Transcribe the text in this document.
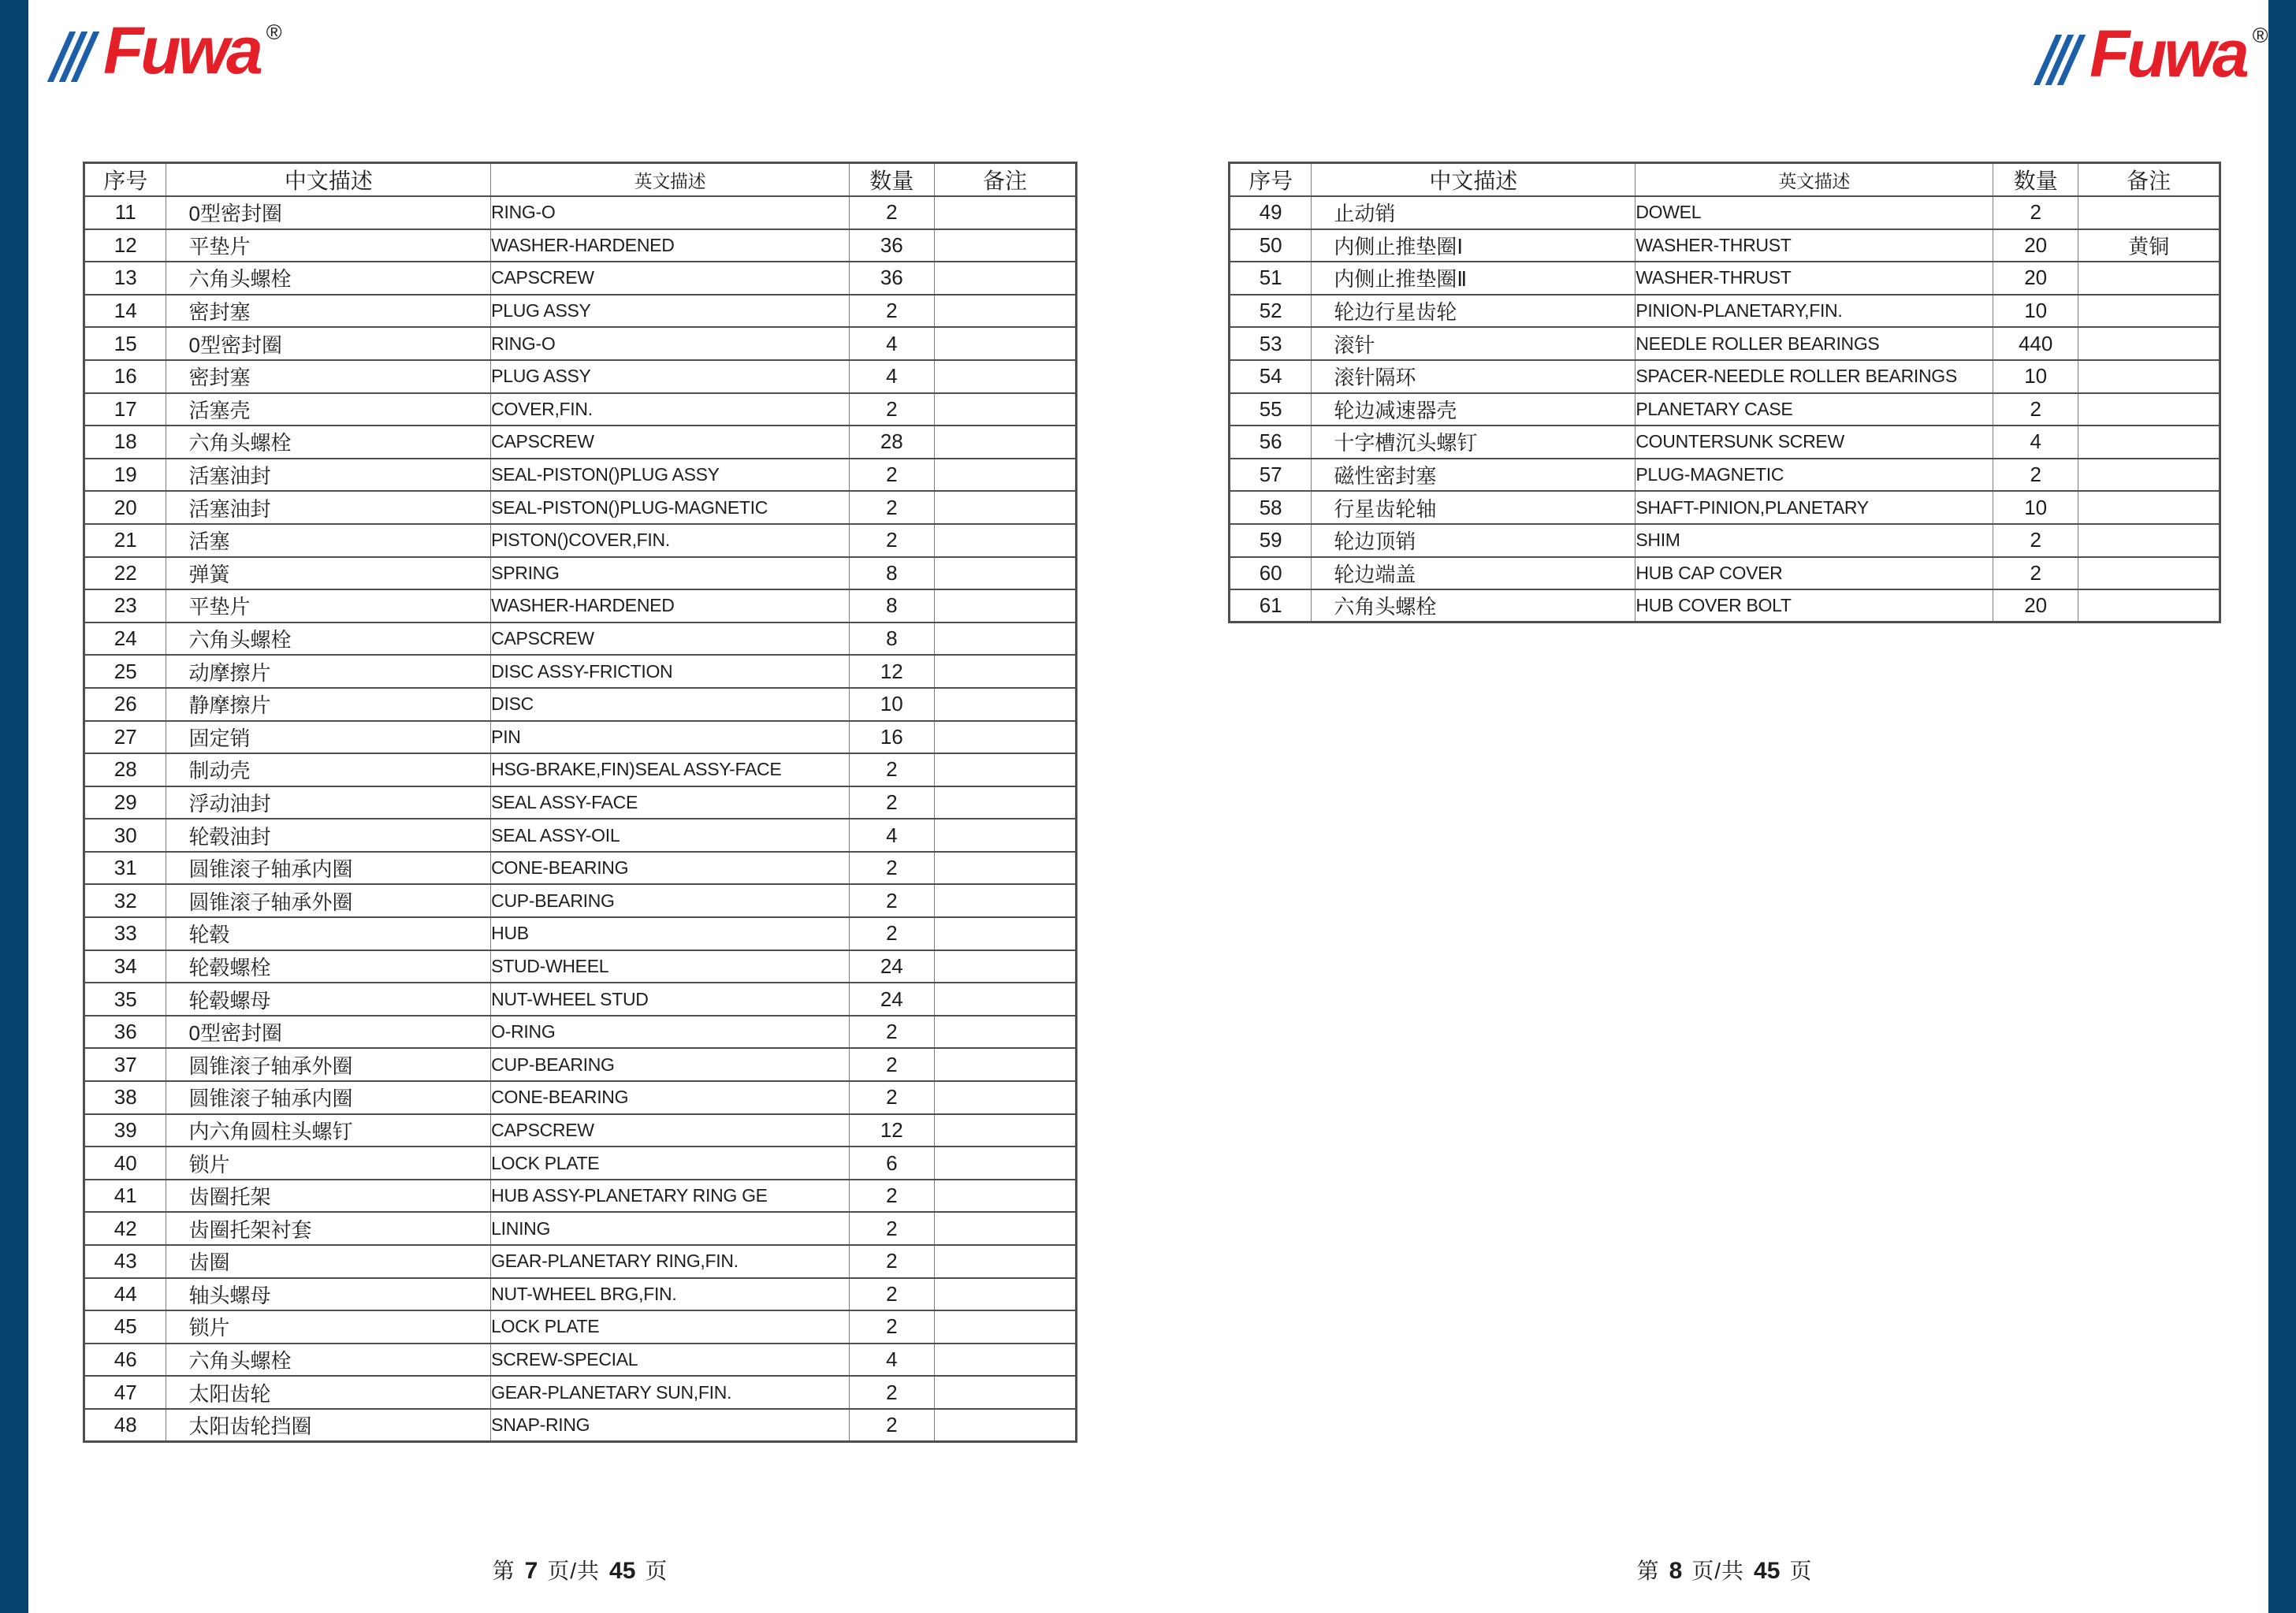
Fuwa ®	Fuwa ®
序号	中文描述	英文描述	数量	备注
11	0型密封圈	RING-O	2	
12	平垫片	WASHER-HARDENED	36	
13	六角头螺栓	CAPSCREW	36	
14	密封塞	PLUG ASSY	2	
15	0型密封圈	RING-O	4	
16	密封塞	PLUG ASSY	4	
17	活塞壳	COVER,FIN.	2	
18	六角头螺栓	CAPSCREW	28	
19	活塞油封	SEAL-PISTON()PLUG ASSY	2	
20	活塞油封	SEAL-PISTON()PLUG-MAGNETIC	2	
21	活塞	PISTON()COVER,FIN.	2	
22	弹簧	SPRING	8	
23	平垫片	WASHER-HARDENED	8	
24	六角头螺栓	CAPSCREW	8	
25	动摩擦片	DISC ASSY-FRICTION	12	
26	静摩擦片	DISC	10	
27	固定销	PIN	16	
28	制动壳	HSG-BRAKE,FIN)SEAL ASSY-FACE	2	
29	浮动油封	SEAL ASSY-FACE	2	
30	轮毂油封	SEAL ASSY-OIL	4	
31	圆锥滚子轴承内圈	CONE-BEARING	2	
32	圆锥滚子轴承外圈	CUP-BEARING	2	
33	轮毂	HUB	2	
34	轮毂螺栓	STUD-WHEEL	24	
35	轮毂螺母	NUT-WHEEL STUD	24	
36	0型密封圈	O-RING	2	
37	圆锥滚子轴承外圈	CUP-BEARING	2	
38	圆锥滚子轴承内圈	CONE-BEARING	2	
39	内六角圆柱头螺钉	CAPSCREW	12	
40	锁片	LOCK PLATE	6	
41	齿圈托架	HUB ASSY-PLANETARY RING GE	2	
42	齿圈托架衬套	LINING	2	
43	齿圈	GEAR-PLANETARY RING,FIN.	2	
44	轴头螺母	NUT-WHEEL BRG,FIN.	2	
45	锁片	LOCK PLATE	2	
46	六角头螺栓	SCREW-SPECIAL	4	
47	太阳齿轮	GEAR-PLANETARY SUN,FIN.	2	
48	太阳齿轮挡圈	SNAP-RING	2	
序号	中文描述	英文描述	数量	备注
49	止动销	DOWEL	2	
50	内侧止推垫圈Ⅰ	WASHER-THRUST	20	黄铜
51	内侧止推垫圈Ⅱ	WASHER-THRUST	20	
52	轮边行星齿轮	PINION-PLANETARY,FIN.	10	
53	滚针	NEEDLE ROLLER BEARINGS	440	
54	滚针隔环	SPACER-NEEDLE ROLLER BEARINGS	10	
55	轮边减速器壳	PLANETARY CASE	2	
56	十字槽沉头螺钉	COUNTERSUNK SCREW	4	
57	磁性密封塞	PLUG-MAGNETIC	2	
58	行星齿轮轴	SHAFT-PINION,PLANETARY	10	
59	轮边顶销	SHIM	2	
60	轮边端盖	HUB CAP COVER	2	
61	六角头螺栓	HUB COVER BOLT	20	
第 7 页/共 45 页	第 8 页/共 45 页
